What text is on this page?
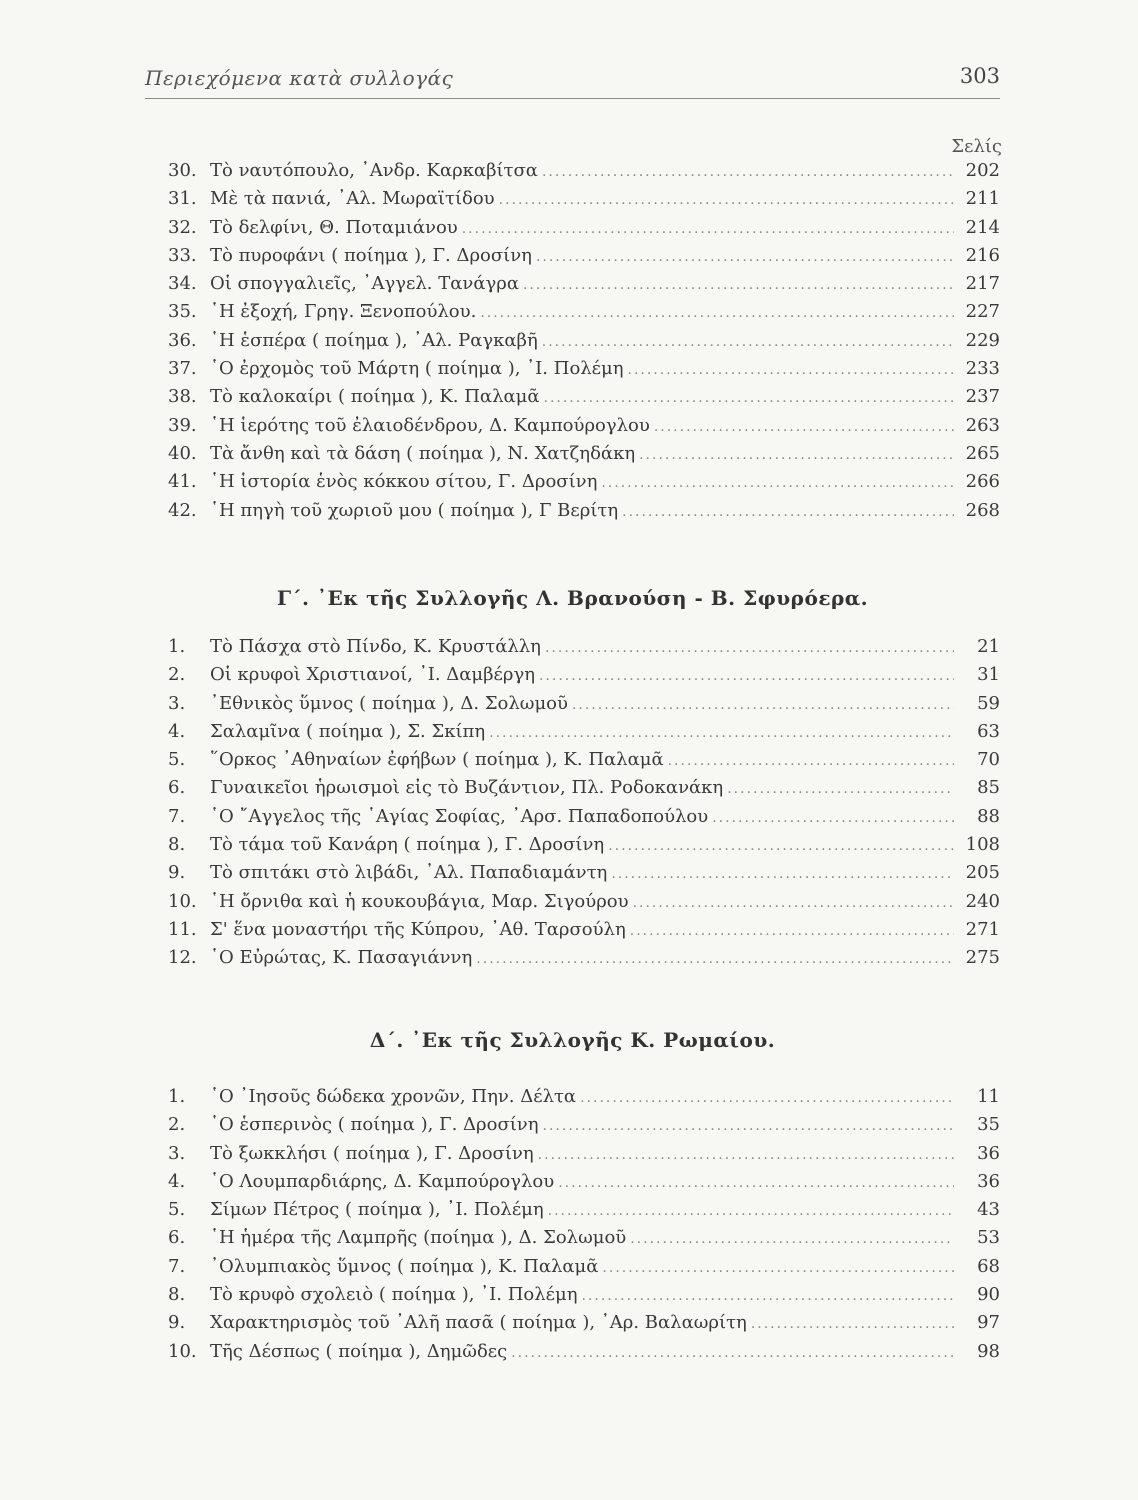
Περιεχόμενα κατὰ συλλογάς	303
Σελίς
30. Τὸ ναυτόπουλο, ᾿Ανδρ. Καρκαβίτσα .....	202
31. Μὲ τὰ πανιά, ᾿Αλ. Μωραϊτίδου .....	211
32. Τὸ δελφίνι, Θ. Ποταμιάνου .....	214
33. Τὸ πυροφάνι ( ποίημα ), Γ. Δροσίνη .....	216
34. Οἱ σπογγαλιεῖς, ᾿Αγγελ. Τανάγρα .....	217
35. ῾Η ἐξοχή, Γρηγ. Ξενοπούλου. .....	227
36. ῾Η ἑσπέρα ( ποίημα ), ᾿Αλ. Ραγκαβῆ .....	229
37. ῾Ο ἐρχομὸς τοῦ Μάρτη ( ποίημα ), ᾿Ι. Πολέμη .....	233
38. Τὸ καλοκαίρι ( ποίημα ), Κ. Παλαμᾶ .....	237
39. ῾Η ἱερότης τοῦ ἐλαιοδένδρου, Δ. Καμπούρογλου .....	263
40. Τὰ ἄνθη καὶ τὰ δάση ( ποίημα ), Ν. Χατζηδάκη .....	265
41. ῾Η ἱστορία ἑνὸς κόκκου σίτου, Γ. Δροσίνη .....	266
42. ῾Η πηγὴ τοῦ χωριοῦ μου ( ποίημα ), Γ Βερίτη .....	268
Γ΄. ᾿Εκ τῆς Συλλογῆς Λ. Βρανούση - Β. Σφυρόερα.
1.	Τὸ Πάσχα στὸ Πίνδο, Κ. Κρυστάλλη .....	21
2.	Οἱ κρυφοὶ Χριστιανοί, ᾿Ι. Δαμβέργη .....	31
3.	᾿Εθνικὸς ὕμνος ( ποίημα ), Δ. Σολωμοῦ .....	59
4.	Σαλαμῖνα ( ποίημα ), Σ. Σκίπη .....	63
5.	῞Ορκος ᾿Αθηναίων ἐφήβων ( ποίημα ), Κ. Παλαμᾶ .....	70
6.	Γυναικεῖοι ἡρωισμοὶ εἰς τὸ Βυζάντιον, Πλ. Ροδοκανάκη .....	85
7.	῾Ο ῎Αγγελος τῆς ῾Αγίας Σοφίας, ᾿Αρσ. Παπαδοπούλου .....	88
8.	Τὸ τάμα τοῦ Κανάρη ( ποίημα ), Γ. Δροσίνη .....	108
9.	Τὸ σπιτάκι στὸ λιβάδι, ᾿Αλ. Παπαδιαμάντη .....	205
10. ῾Η ὄρνιθα καὶ ἡ κουκουβάγια, Μαρ. Σιγούρου .....	240
11. Σ' ἕνα μοναστήρι τῆς Κύπρου, ᾿Αθ. Ταρσούλη .....	271
12. ῾Ο Εὐρώτας, Κ. Πασαγιάννη .....	275
Δ΄. ᾿Εκ τῆς Συλλογῆς Κ. Ρωμαίου.
1.	῾Ο ᾿Ιησοῦς δώδεκα χρονῶν, Πην. Δέλτα .....	11
2.	῾Ο ἑσπερινὸς ( ποίημα ), Γ. Δροσίνη .....	35
3.	Τὸ ξωκκλήσι ( ποίημα ), Γ. Δροσίνη .....	36
4.	῾Ο Λουμπαρδιάρης, Δ. Καμπούρογλου .....	36
5.	Σίμων Πέτρος ( ποίημα ), ᾿Ι. Πολέμη .....	43
6.	῾Η ἡμέρα τῆς Λαμπρῆς (ποίημα ), Δ. Σολωμοῦ .....	53
7.	᾿Ολυμπιακὸς ὕμνος ( ποίημα ), Κ. Παλαμᾶ .....	68
8.	Τὸ κρυφὸ σχολειὸ ( ποίημα ), ᾿Ι. Πολέμη .....	90
9.	Χαρακτηρισμὸς τοῦ ᾿Αλῆ πασᾶ ( ποίημα ), ᾿Αρ. Βαλαωρίτη .....	97
10. Τῆς Δέσπως ( ποίημα ), Δημῶδες .....	98
